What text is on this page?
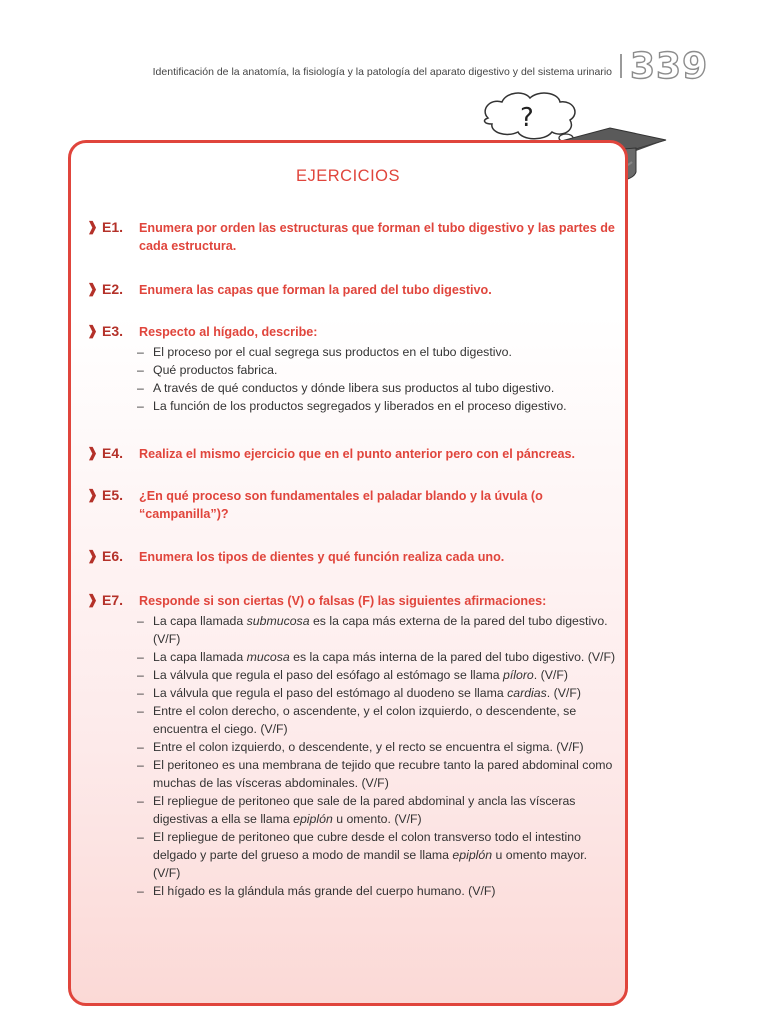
Identificación de la anatomía, la fisiología y la patología del aparato digestivo y del sistema urinario 339
?
EJERCICIOS
❱ E1. Enumera por orden las estructuras que forman el tubo digestivo y las partes de cada estructura.
❱ E2. Enumera las capas que forman la pared del tubo digestivo.
❱ E3. Respecto al hígado, describe:
– El proceso por el cual segrega sus productos en el tubo digestivo.
– Qué productos fabrica.
– A través de qué conductos y dónde libera sus productos al tubo digestivo.
– La función de los productos segregados y liberados en el proceso digestivo.
❱ E4. Realiza el mismo ejercicio que en el punto anterior pero con el páncreas.
❱ E5. ¿En qué proceso son fundamentales el paladar blando y la úvula (o “campanilla”)?
❱ E6. Enumera los tipos de dientes y qué función realiza cada uno.
❱ E7. Responde si son ciertas (V) o falsas (F) las siguientes afirmaciones:
– La capa llamada submucosa es la capa más externa de la pared del tubo digestivo. (V/F)
– La capa llamada mucosa es la capa más interna de la pared del tubo digestivo. (V/F)
– La válvula que regula el paso del esófago al estómago se llama píloro. (V/F)
– La válvula que regula el paso del estómago al duodeno se llama cardias. (V/F)
– Entre el colon derecho, o ascendente, y el colon izquierdo, o descendente, se encuentra el ciego. (V/F)
– Entre el colon izquierdo, o descendente, y el recto se encuentra el sigma. (V/F)
– El peritoneo es una membrana de tejido que recubre tanto la pared abdominal como muchas de las vísceras abdominales. (V/F)
– El repliegue de peritoneo que sale de la pared abdominal y ancla las vísceras digestivas a ella se llama epiplón u omento. (V/F)
– El repliegue de peritoneo que cubre desde el colon transverso todo el intestino delgado y parte del grueso a modo de mandil se llama epiplón u omento mayor. (V/F)
– El hígado es la glándula más grande del cuerpo humano. (V/F)
